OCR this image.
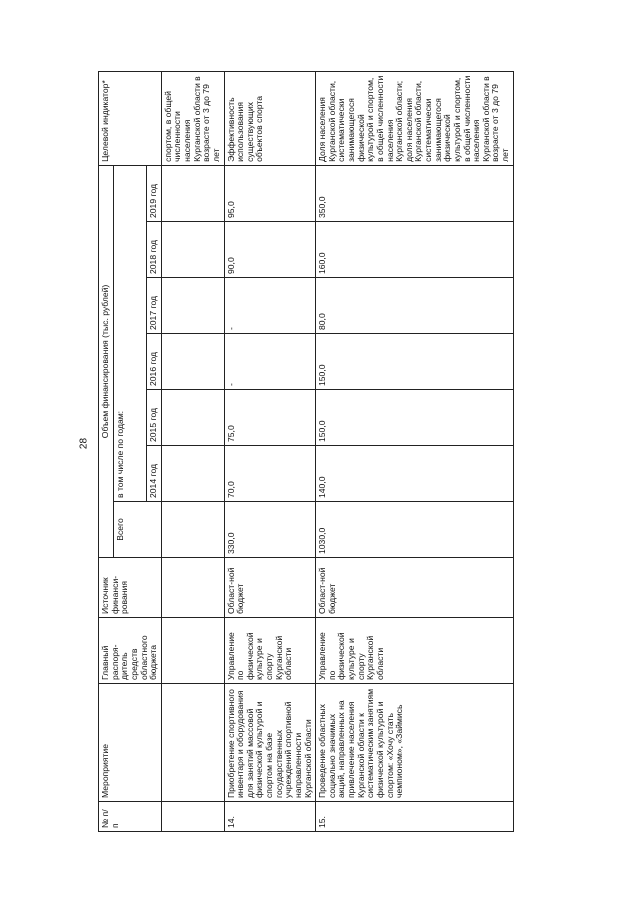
28
№ п/п	Мероприятие	Главный распоря-дитель средств областного бюджета	Источник финанси-рования	Объем финансирования (тыс. рублей)							Целевой индикатор*
				Всего	в том числе по годам:						
					2014 год	2015 год	2016 год	2017 год	2018 год	2019 год	
											спортом, в общей численности населения Курганской области в возрасте от 3 до 79 лет
14.	Приобретение спортивного инвентаря и оборудования для занятий массовой физической культурой и спортом на базе государственных учреждений спортивной направленности Курганской области	Управление по физической культуре и спорту Курганской области	Област-ной бюджет	330,0	70,0	75,0	-	-	90,0	95,0	Эффективность использования существующих объектов спорта
15.	Проведение областных социально значимых акций, направленных на привлечение населения Курганской области к систематическим занятиям физической культурой и спортом: «Хочу стать чемпионом», «Займись	Управление по физической культуре и спорту Курганской области	Област-ной бюджет	1030,0	140,0	150,0	150,0	80,0	160,0	350,0	Доля населения Курганской области, систематически занимающегося физической культурой и спортом, в общей численности населения Курганской области; доля населения Курганской области, систематически занимающегося физической культурой и спортом, в общей численности населения Курганской области в возрасте от 3 до 79 лет
